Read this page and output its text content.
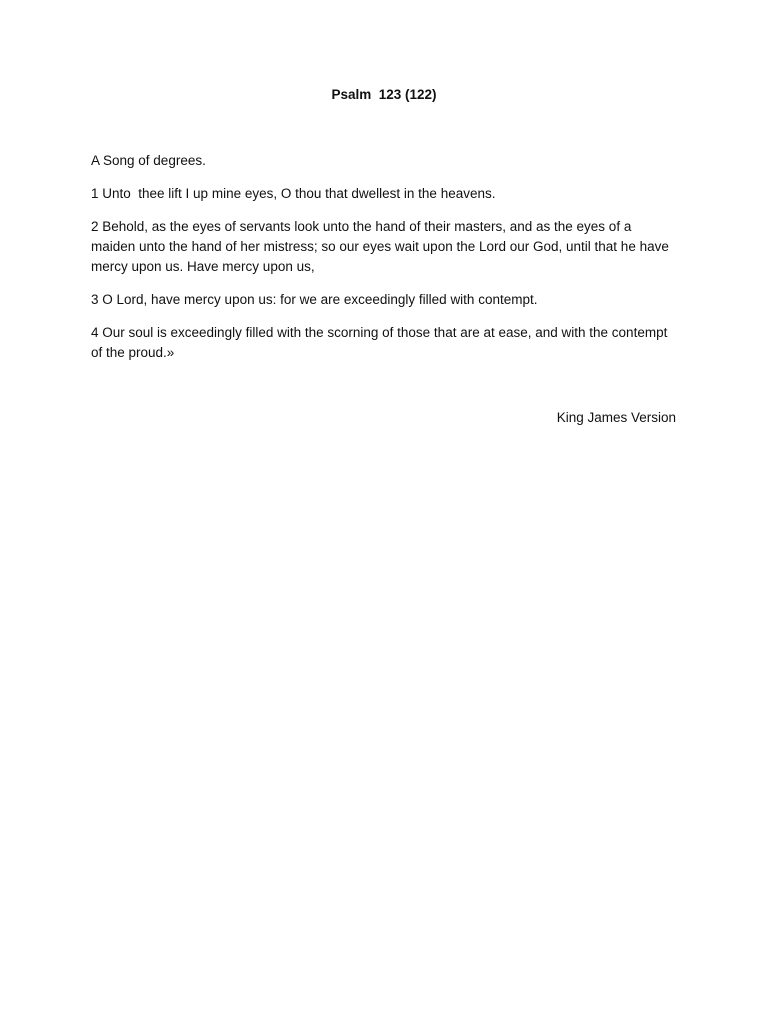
Psalm  123 (122)

A Song of degrees.

1 Unto  thee lift I up mine eyes, O thou that dwellest in the heavens.

2 Behold, as the eyes of servants look unto the hand of their masters, and as the eyes of a maiden unto the hand of her mistress; so our eyes wait upon the Lord our God, until that he have mercy upon us. Have mercy upon us,

3 O Lord, have mercy upon us: for we are exceedingly filled with contempt.

4 Our soul is exceedingly filled with the scorning of those that are at ease, and with the contempt of the proud.»

King James Version
